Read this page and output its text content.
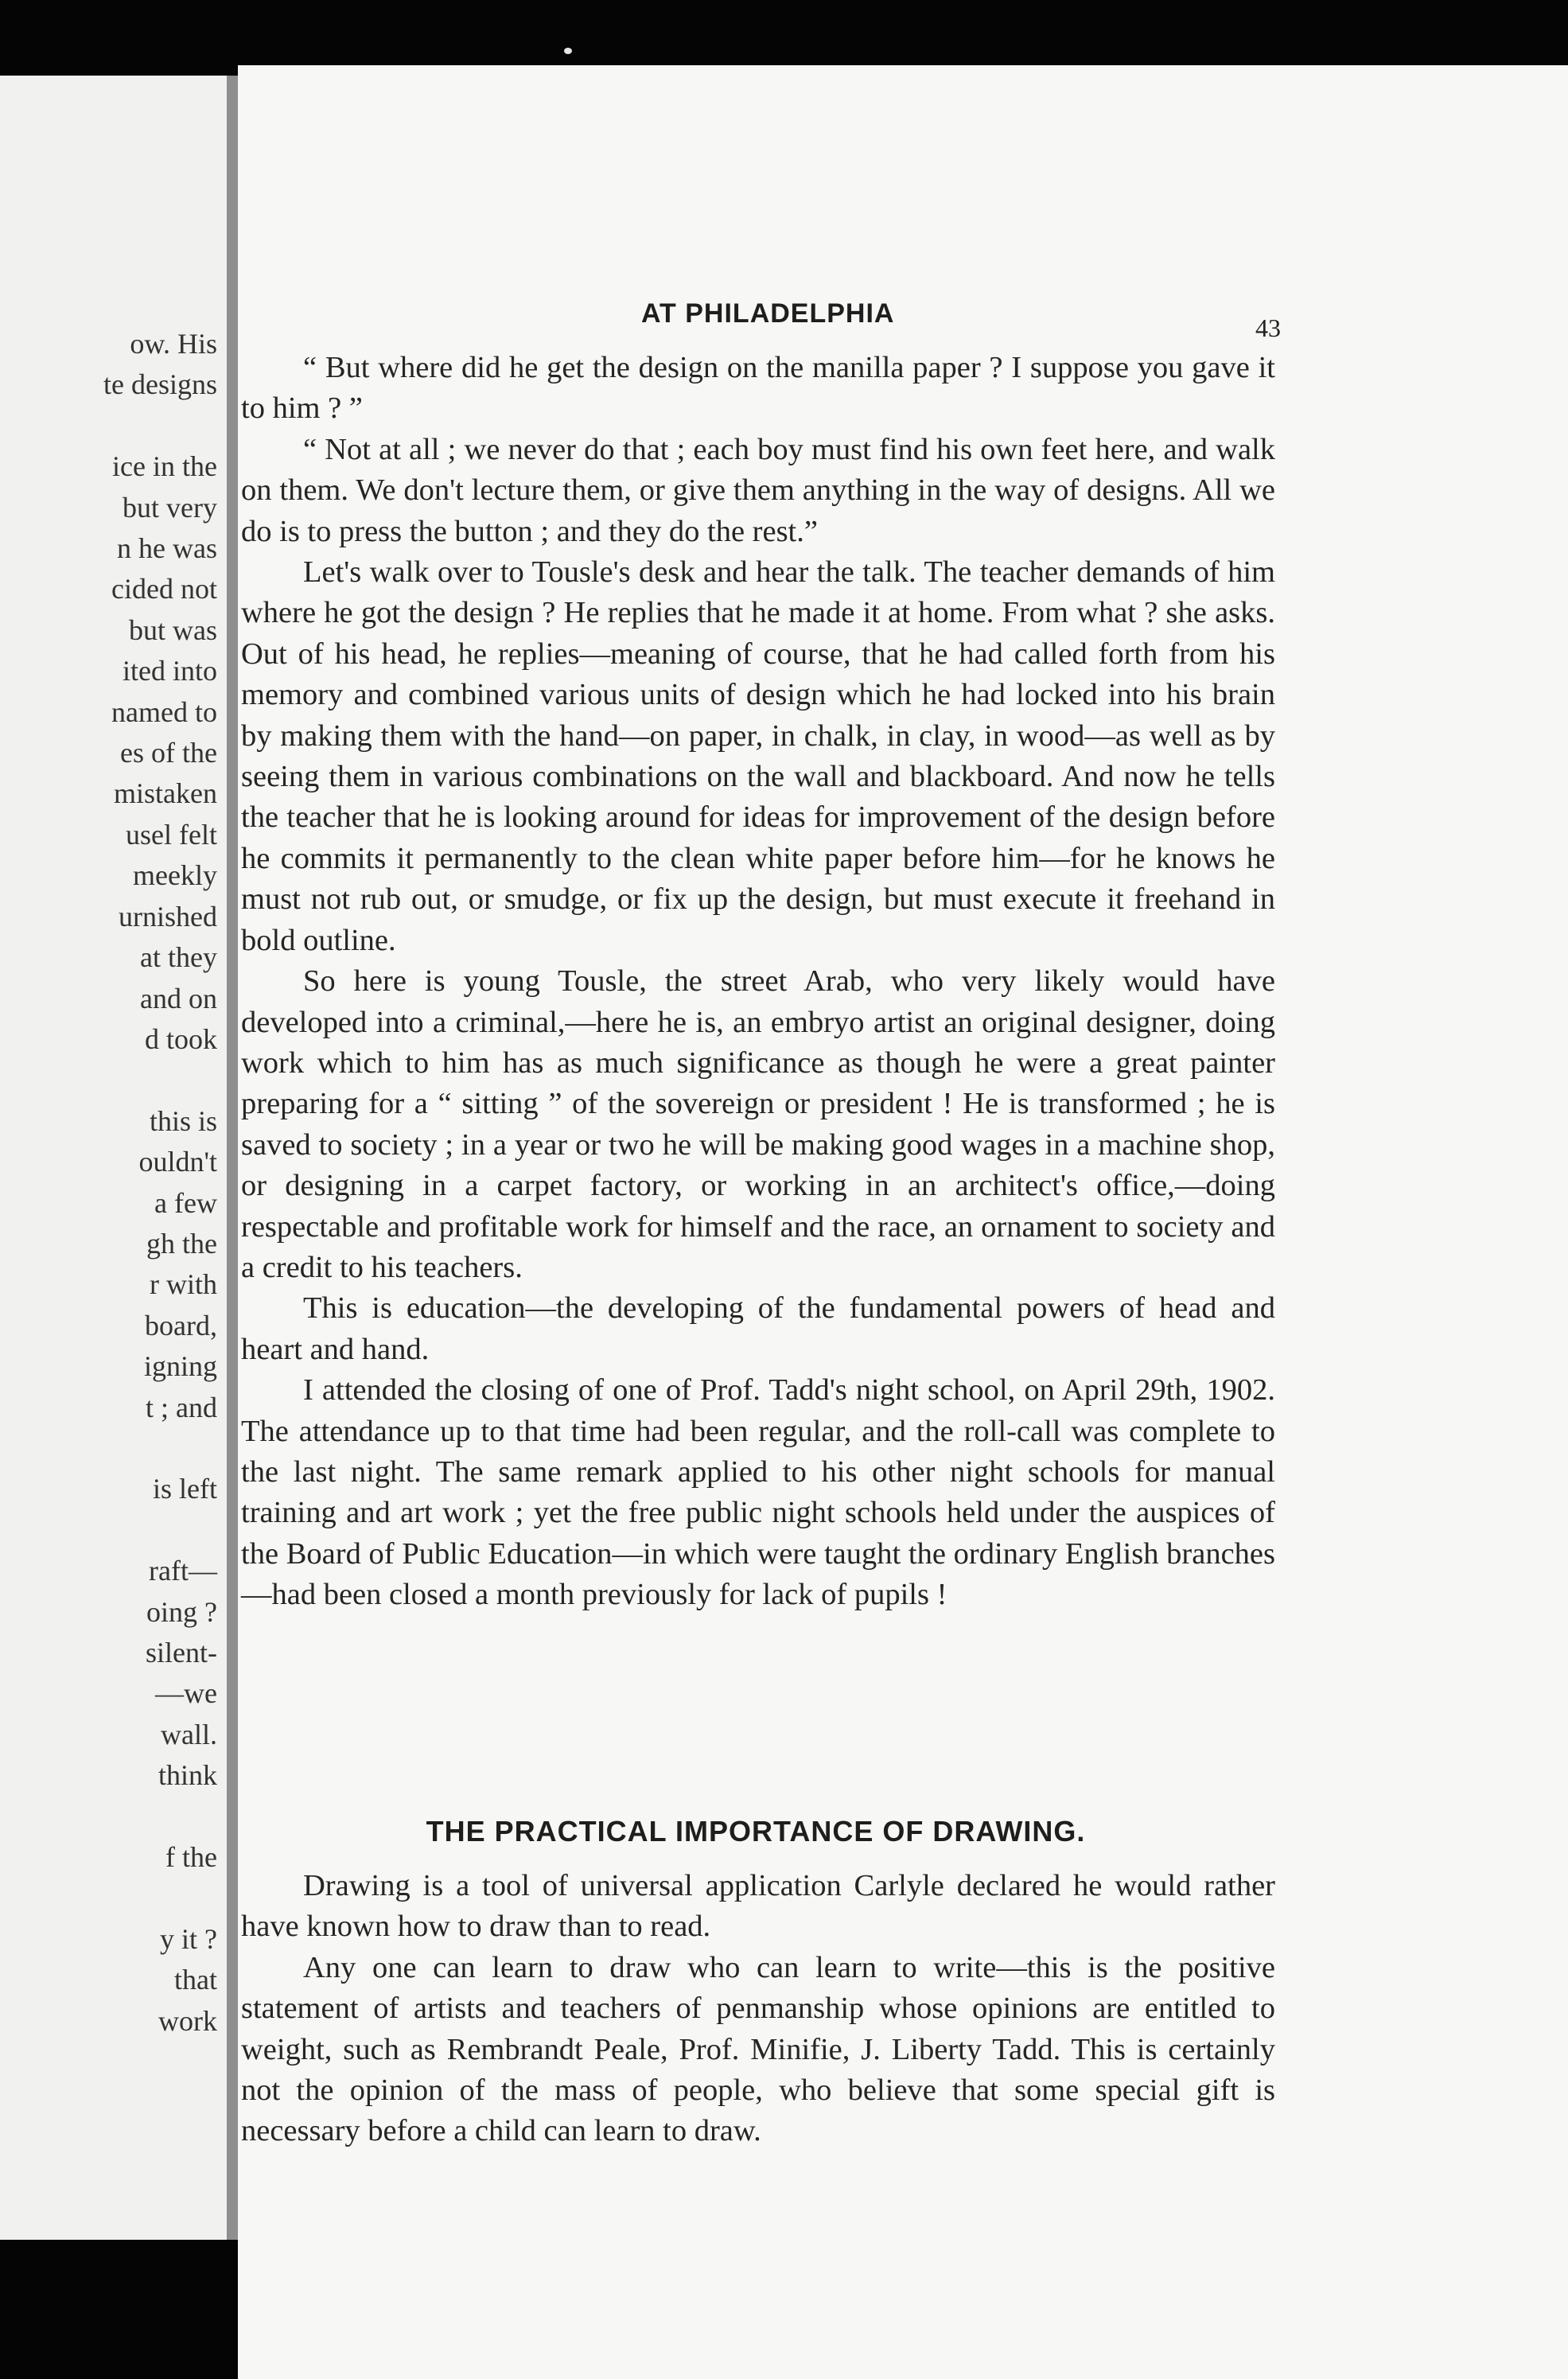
ow. His
te designs

ice in the
but very
n he was
cided not
but was
ited into
named to
es of the
mistaken
usel felt
meekly
urnished
at they
and on
d took

this is
ouldn't
a few
gh the
r with
board,
igning
t ; and

is left

raft—
oing ?
silent-
—we
wall.
think

f the

y it ?
that
work
AT PHILADELPHIA	43

“ But where did he get the design on the manilla paper ? I suppose you gave it to him ? ”

“ Not at all ; we never do that ; each boy must find his own feet here, and walk on them. We don't lecture them, or give them anything in the way of designs. All we do is to press the button ; and they do the rest.”

Let's walk over to Tousle's desk and hear the talk. The teacher demands of him where he got the design ? He replies that he made it at home. From what ? she asks. Out of his head, he replies—meaning of course, that he had called forth from his memory and combined various units of design which he had locked into his brain by making them with the hand—on paper, in chalk, in clay, in wood—as well as by seeing them in various combinations on the wall and blackboard. And now he tells the teacher that he is looking around for ideas for improvement of the design before he commits it permanently to the clean white paper before him—for he knows he must not rub out, or smudge, or fix up the design, but must execute it freehand in bold outline.

So here is young Tousle, the street Arab, who very likely would have developed into a criminal,—here he is, an embryo artist an original designer, doing work which to him has as much significance as though he were a great painter preparing for a “ sitting ” of the sovereign or president ! He is transformed ; he is saved to society ; in a year or two he will be making good wages in a machine shop, or designing in a carpet factory, or working in an architect's office,—doing respectable and profitable work for himself and the race, an ornament to society and a credit to his teachers.

This is education—the developing of the fundamental powers of head and heart and hand.

I attended the closing of one of Prof. Tadd's night school, on April 29th, 1902. The attendance up to that time had been regular, and the roll-call was complete to the last night. The same remark applied to his other night schools for manual training and art work ; yet the free public night schools held under the auspices of the Board of Public Education—in which were taught the ordinary English branches—had been closed a month previously for lack of pupils !

THE PRACTICAL IMPORTANCE OF DRAWING.

Drawing is a tool of universal application Carlyle declared he would rather have known how to draw than to read.

Any one can learn to draw who can learn to write—this is the positive statement of artists and teachers of penmanship whose opinions are entitled to weight, such as Rembrandt Peale, Prof. Minifie, J. Liberty Tadd. This is certainly not the opinion of the mass of people, who believe that some special gift is necessary before a child can learn to draw.
